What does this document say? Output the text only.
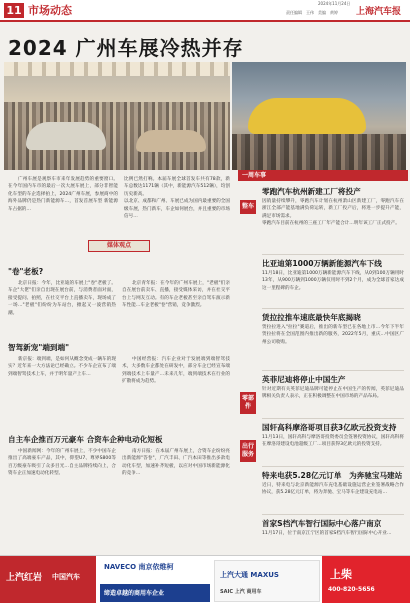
11 市场动态
2024年11月24日
责任编辑　王伟　美编　黄婷 上海汽车报
2024 广州车展冷热并存
广州车展是观察车市来年发展趋势的重要窗口。在今年国内车市的最后一次大展车展上，部分非智能化车型的车企选择拍上，2024广州车展，参展商中的海外品牌仍是热门新能源车…，首发首展车型 新能源车占据的…
比例已然打响。本届车展全球首发车共有78款，新车总数达1171辆（其中，新能源汽车512辆），均创历史新高。
以北京、成都和广州、车展已成为国内最重要的全国级车展，热门新车，车企如何展台，并且重要的市场信号…
媒体观点
"卷"老板?
北京日报：今年，比亚迪的车展上"卷"老板了。车企"大佬"们亲自出现在展台前，与消费者面对面，接受提问、拍照，在社交平台上直播卖车，现场成了一场…"老板"们纷纷为车站台，掀起又一波营销热潮。
北京青年报：在今年的广州车展上，"老板"们亲自在展台前卖车、直播，接受媒体采访，并在社交平台上与网友互动。有的车企老板甚至亲自驾车演示新车性能…车企老板"卷"营销，竞争激烈。
智驾新宠"端到端"
新京报：端到端，是如何从概念变成一辆车的现实？近年来一大方法论已经确立。不少车企宣布了端到端智驾技术上车，并于明年量产上车…
中国经营报：汽车企业对于发展端到端智驾技术，大多数车企都处在研发中，部分车企已经宣布端到端技术上车量产…未来几年，端到端技术在行业的扩散将成为趋势。
自主车企推百万元豪车 合资车企种电动化短板
中国新闻网：今年的广州车展上，不少中国车企推出了高端豪车产品，其中，仰望U7、尊界S800等百万级豪车吸引了众多目光…自主品牌持续向上，合资车企正加速电动化转型。
南方日报：在本届广州车展上，合资车企纷纷亮出新能源"答卷"，广汽丰田、广汽本田等推出多款电动化车型，加速补齐短板，以应对中国市场新能源化的竞争…
一周车事
整车
零部件
出行服务
零跑汽车杭州新建工厂将投产
因销量持续攀升，零跑汽车计划在杭州萧山区新建工厂，零跑汽车在浙江全部产能基地满负荷运转，新工厂投产后，将进一步提升产能，满足市场需求。
零跑汽车目前在杭州的三座工厂年产能合计…明年该工厂正式投产。
比亚迪第1000万辆新能源汽车下线
11月18日，比亚迪第1000万辆新能源汽车下线，从0到100万辆用时13年，从900万辆到1000万辆仅用时不到2个月，成为全球首家达成这一里程碑的车企。
赁拉拉推车速底最快年底揭晓
赁拉拉进入"拉拉"赛道后，推出的新车型已在各地上市…今年下半年赁拉拉将在全国范围内推出新的服务，2022年5月，重庆…中国区广州公司收购。
英菲尼迪将停止中国生产
针对近期有关英菲尼迪品牌可能停止在中国生产的传闻，英菲尼迪品牌相关负责人表示，正在积极调整在中国市场的产品布局。
国轩高科摩洛哥项目获3亿欧元投资支持
11月13日，国轩高科与摩洛哥投资委员会签署投资协议，国轩高科将在摩洛哥建设电池超级工厂…项目获得3亿欧元的投资支持。
特来电获5.28亿元订单　为奔驰宝马建站
近日，特来电与北京新能源汽车充电基础设施运营企业签署战略合作协议，获5.28亿元订单，将为奔驰、宝马等车企建设充电站…
首家S档汽车智行国际中心落户南京
11月17日，位于南京江宁区的首家S档汽车智行国际中心开业…
上汽红岩 中国汽车
NAVECO 南京依维柯
缔造卓越的商用车企业
上汽大通 MAXUS
SAIC 上汽 商用车
上柴
400-820-5656
